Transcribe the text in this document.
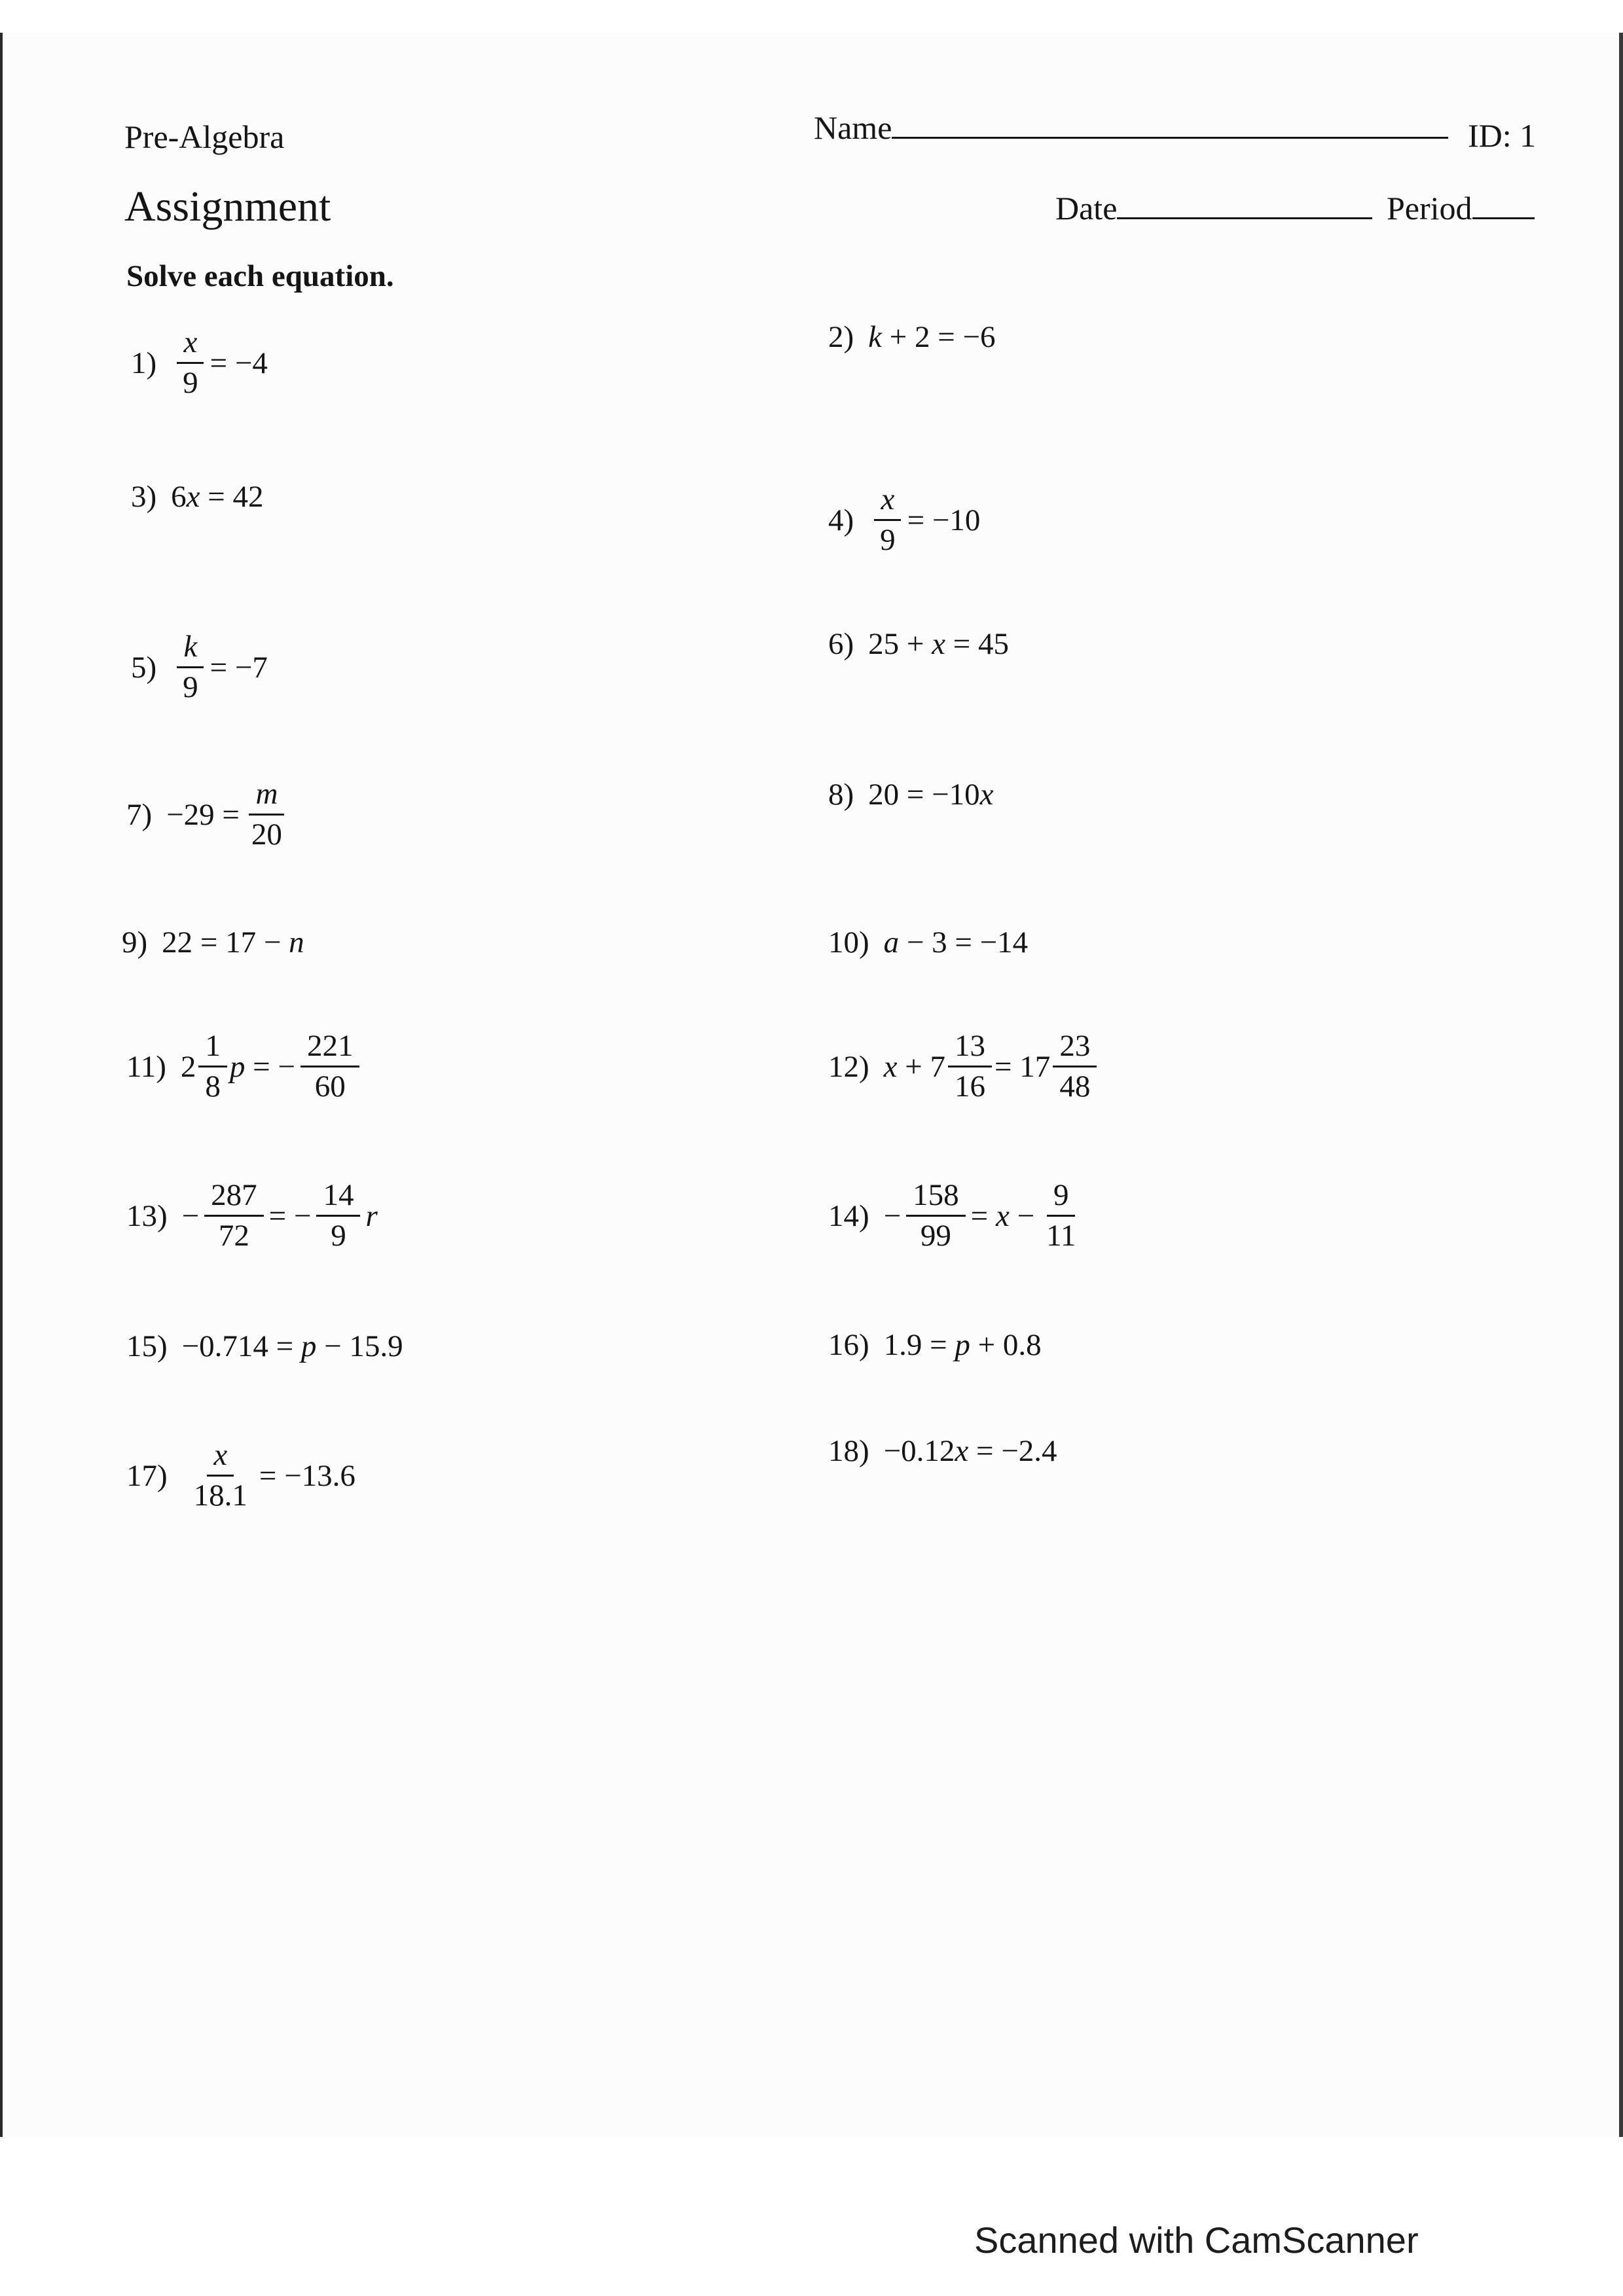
Pre-Algebra
Assignment
Name	ID: 1
Date	Period
Solve each equation.
$1) \frac{x}{9} = -4$
2) k
+ 2 = −6
3) 6 x
= 42
$4) \frac{x}{9} = -10$
$5) \frac{k}{9} = -7$
6) 25 +
x
= 45
$7) -29 = \frac{m}{20}$	8) 20 = −10 x
9) 22 = 17 −
n	10) a
− 3 = −14
11) $2 \frac{1}{8}$ p
= − $\frac{221}{60}$	12) x
+ $7 \frac{13}{16} = 17 \frac{23}{48}$
$13) - \frac{287}{72}$ = − $\frac{14}{9}$ r	$14) - \frac{158}{99}$ =
x
− $\frac{9}{11}$
15) −0.714 =
p
− 15.9	16) 1.9 =
p
+ 0.8
$17) \frac{x}{18.1} = -13.6$
18) −0.12 x
= −2.4
Scanned with CamScanner
